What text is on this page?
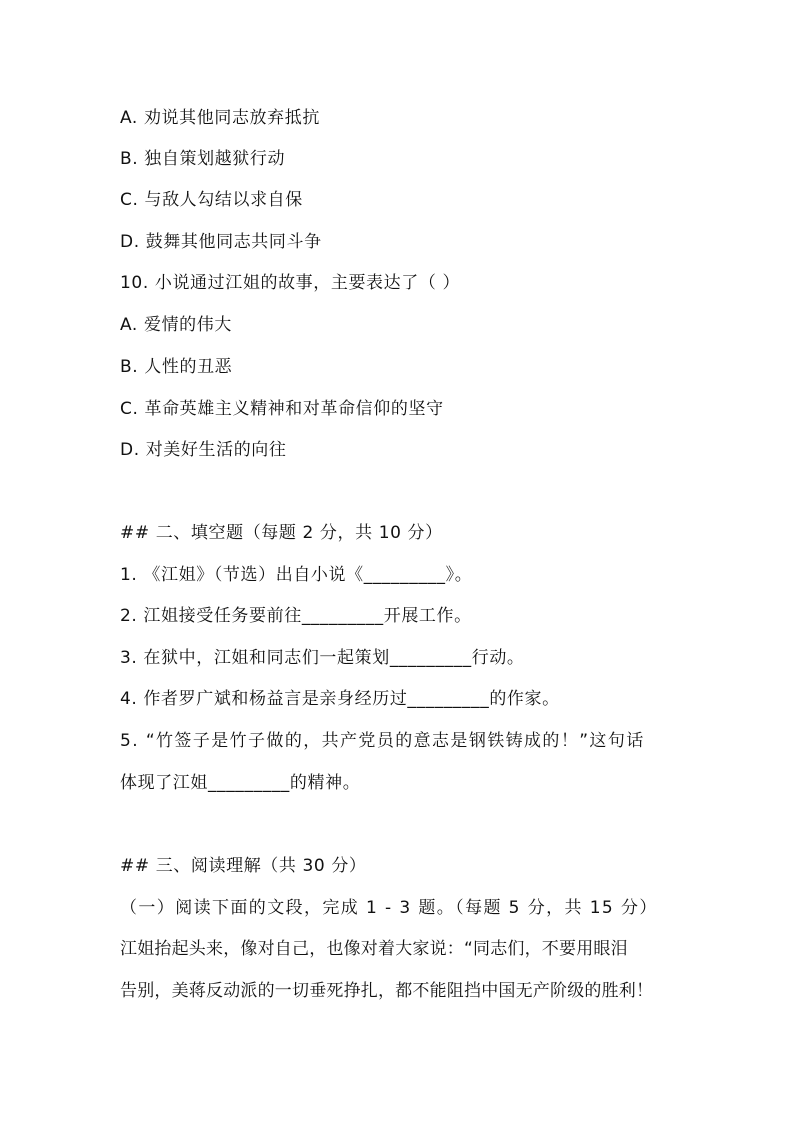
A. 劝说其他同志放弃抵抗
B. 独自策划越狱行动
C. 与敌人勾结以求自保
D. 鼓舞其他同志共同斗争
10. 小说通过江姐的故事，主要表达了（ ）
A. 爱情的伟大
B. 人性的丑恶
C. 革命英雄主义精神和对革命信仰的坚守
D. 对美好生活的向往
## 二、填空题（每题 2 分，共 10 分）
1. 《江姐》（节选）出自小说《_________》。
2. 江姐接受任务要前往_________开展工作。
3. 在狱中，江姐和同志们一起策划_________行动。
4. 作者罗广斌和杨益言是亲身经历过_________的作家。
5. “竹签子是竹子做的，共产党员的意志是钢铁铸成的！”这句话
体现了江姐_________的精神。
## 三、阅读理解（共 30 分）
（一）阅读下面的文段，完成 1 - 3 题。（每题 5 分，共 15 分）
江姐抬起头来，像对自己，也像对着大家说：“同志们，不要用眼泪
告别，美蒋反动派的一切垂死挣扎，都不能阻挡中国无产阶级的胜利！
